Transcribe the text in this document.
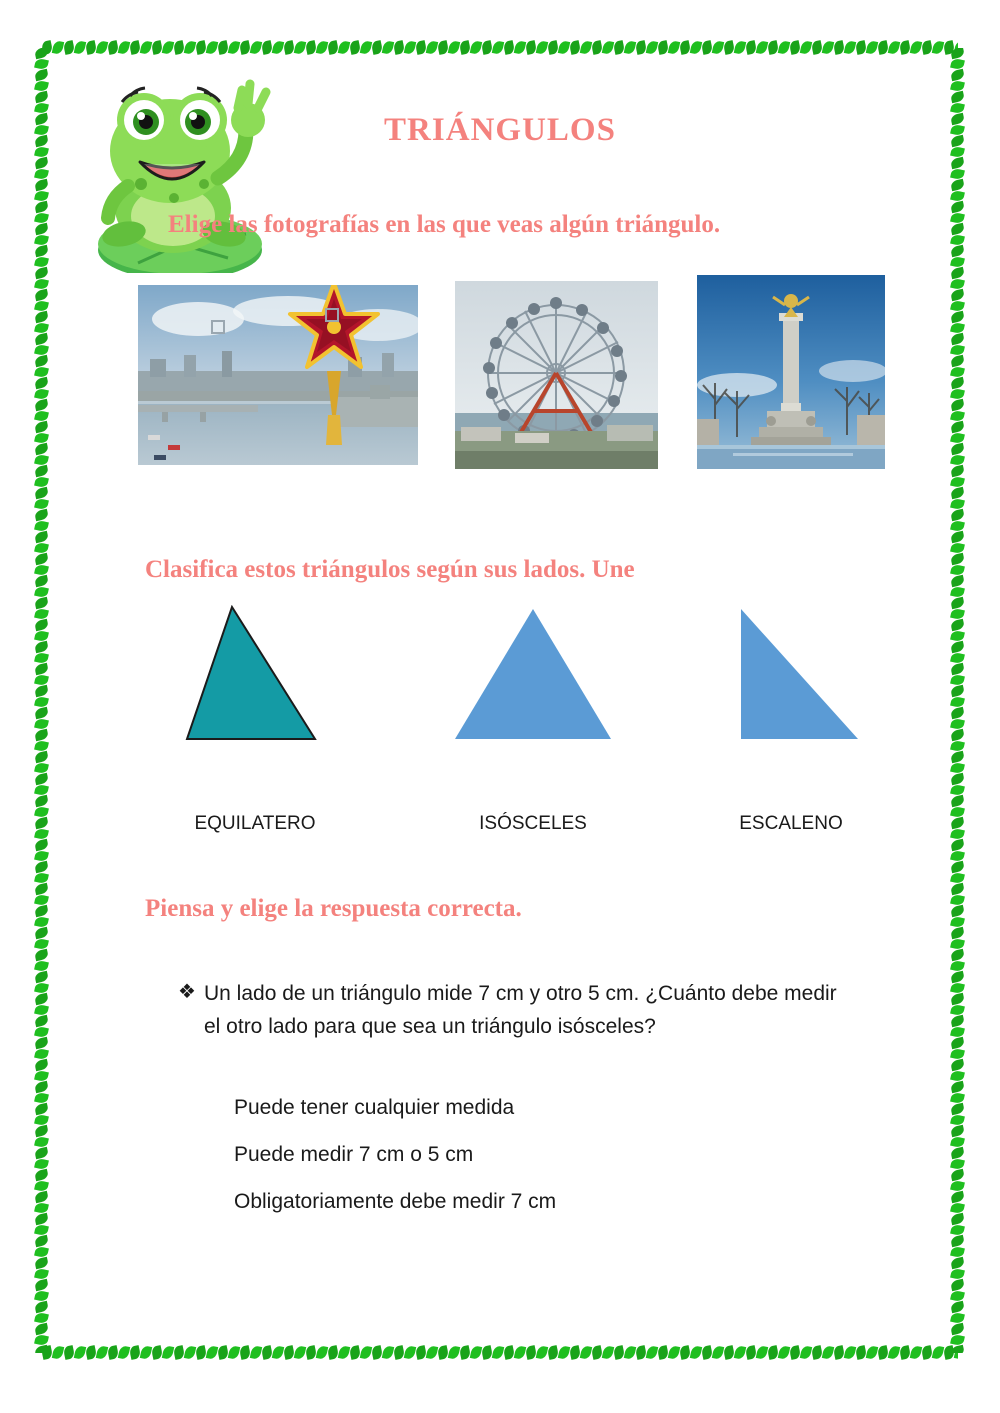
TRIÁNGULOS
Elige las fotografías en las que veas algún triángulo.
Clasifica estos triángulos según sus lados. Une
EQUILATERO	ISÓSCELES	ESCALENO
Piensa y elige la respuesta correcta.
❖ Un lado de un triángulo mide 7 cm y otro 5 cm. ¿Cuánto debe medir el otro lado para que sea un triángulo isósceles?
Puede tener cualquier medida
Puede medir 7 cm o 5 cm
Obligatoriamente debe medir 7 cm
